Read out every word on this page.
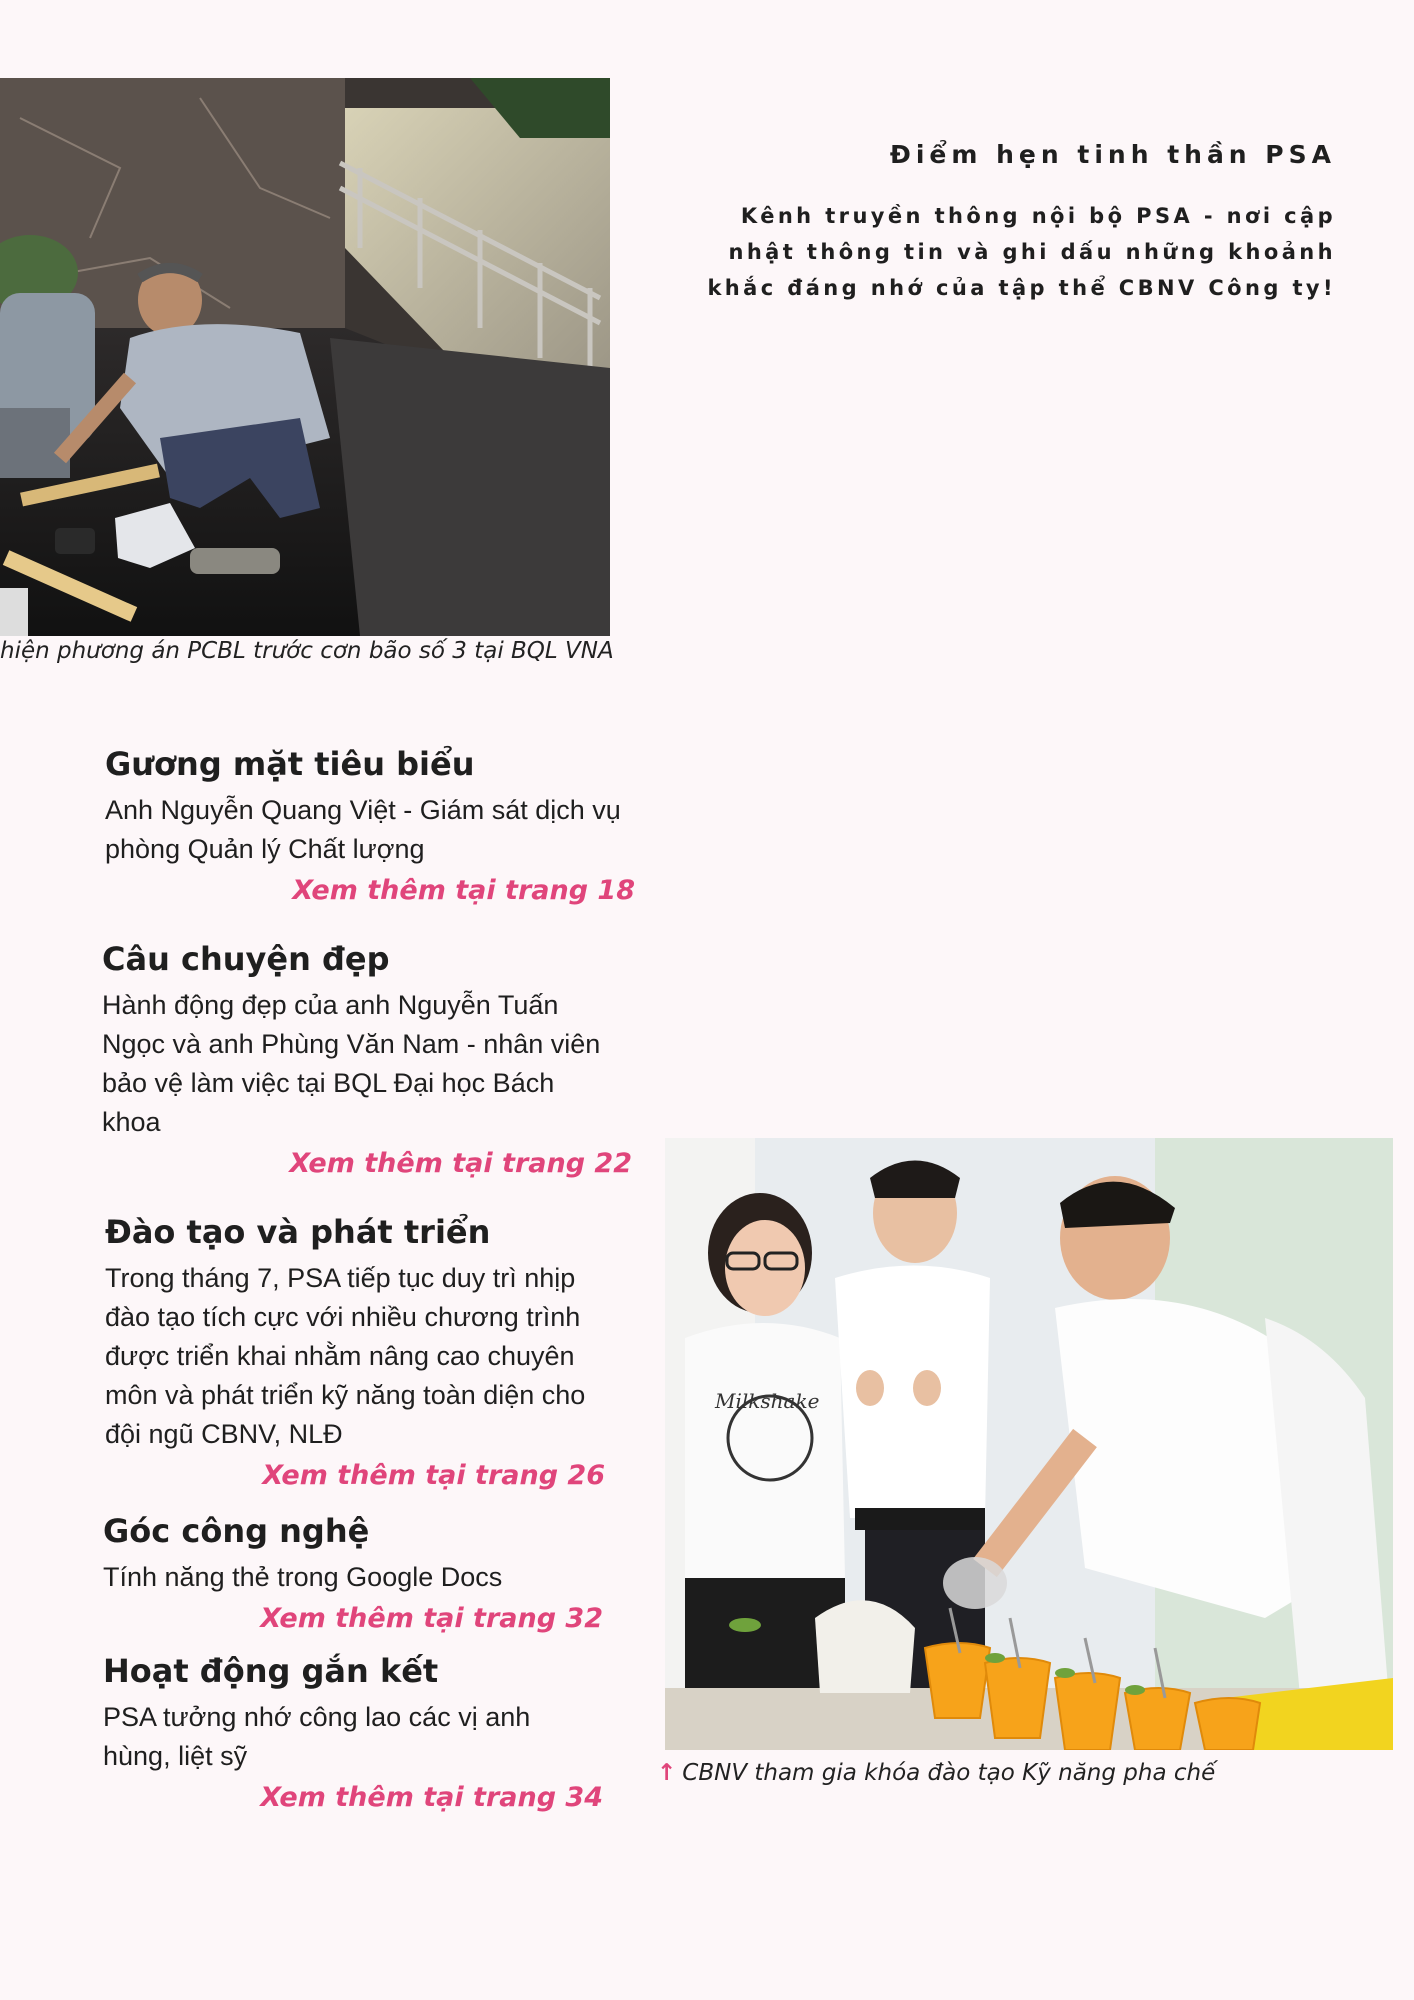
hiện phương án PCBL trước cơn bão số 3 tại BQL VNA
Điểm hẹn tinh thần PSA
Kênh truyền thông nội bộ PSA - nơi cập nhật thông tin và ghi dấu những khoảnh khắc đáng nhớ của tập thể CBNV Công ty!
Gương mặt tiêu biểu

Anh Nguyễn Quang Việt - Giám sát dịch vụ phòng Quản lý Chất lượng

Xem thêm tại trang 18
Câu chuyện đẹp

Hành động đẹp của anh Nguyễn Tuấn Ngọc và anh Phùng Văn Nam - nhân viên bảo vệ làm việc tại BQL Đại học Bách khoa

Xem thêm tại trang 22
Đào tạo và phát triển

Trong tháng 7, PSA tiếp tục duy trì nhịp đào tạo tích cực với nhiều chương trình được triển khai nhằm nâng cao chuyên môn và phát triển kỹ năng toàn diện cho đội ngũ CBNV, NLĐ

Xem thêm tại trang 26
Góc công nghệ

Tính năng thẻ trong Google Docs

Xem thêm tại trang 32
Hoạt động gắn kết

PSA tưởng nhớ công lao các vị anh hùng, liệt sỹ

Xem thêm tại trang 34
Milkshake
↑ CBNV tham gia khóa đào tạo Kỹ năng pha chế
